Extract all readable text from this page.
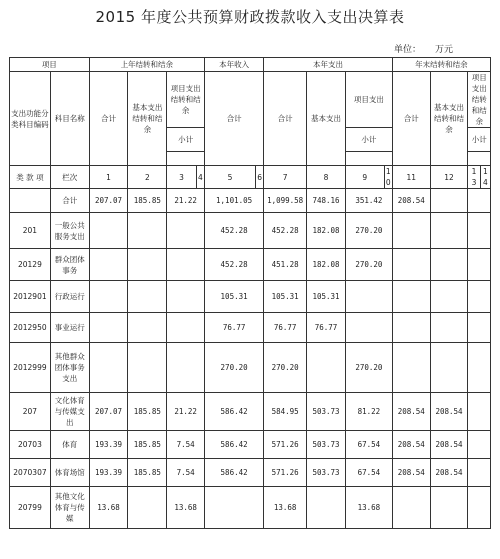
2015 年度公共预算财政拨款收入支出决算表
单位： 万元
项目		上年结转和结余				本年收入		本年支出				年末结转和结余			
支出功能分类科目编码	科目名称	合计	基本支出结转和结余	项目支出结转和结余		合计		合计	基本支出	项目支出		合计	基本支出结转和结余	项目支出结转和结余	
				小计						小计				小计	

类 款 项	栏次	1	2	3	4	5	6	7	8	9	10	11	12	13	14
	合计	207.07	185.85	21.22		1,101.05		1,099.58	748.16	351.42		208.54			
201	一般公共服务支出					452.28		452.28	182.08	270.20					
20129	群众团体事务					452.28		451.28	182.08	270.20					
2012901	行政运行					105.31		105.31	105.31						
2012950	事业运行					76.77		76.77	76.77						
2012999	其他群众团体事务支出					270.20		270.20		270.20					
207	文化体育与传媒支出	207.07	185.85	21.22		586.42		584.95	503.73	81.22		208.54	208.54		
20703	体育	193.39	185.85	7.54		586.42		571.26	503.73	67.54		208.54	208.54		
2070307	体育场馆	193.39	185.85	7.54		586.42		571.26	503.73	67.54		208.54	208.54		
20799	其他文化体育与传媒	13.68		13.68				13.68		13.68					
